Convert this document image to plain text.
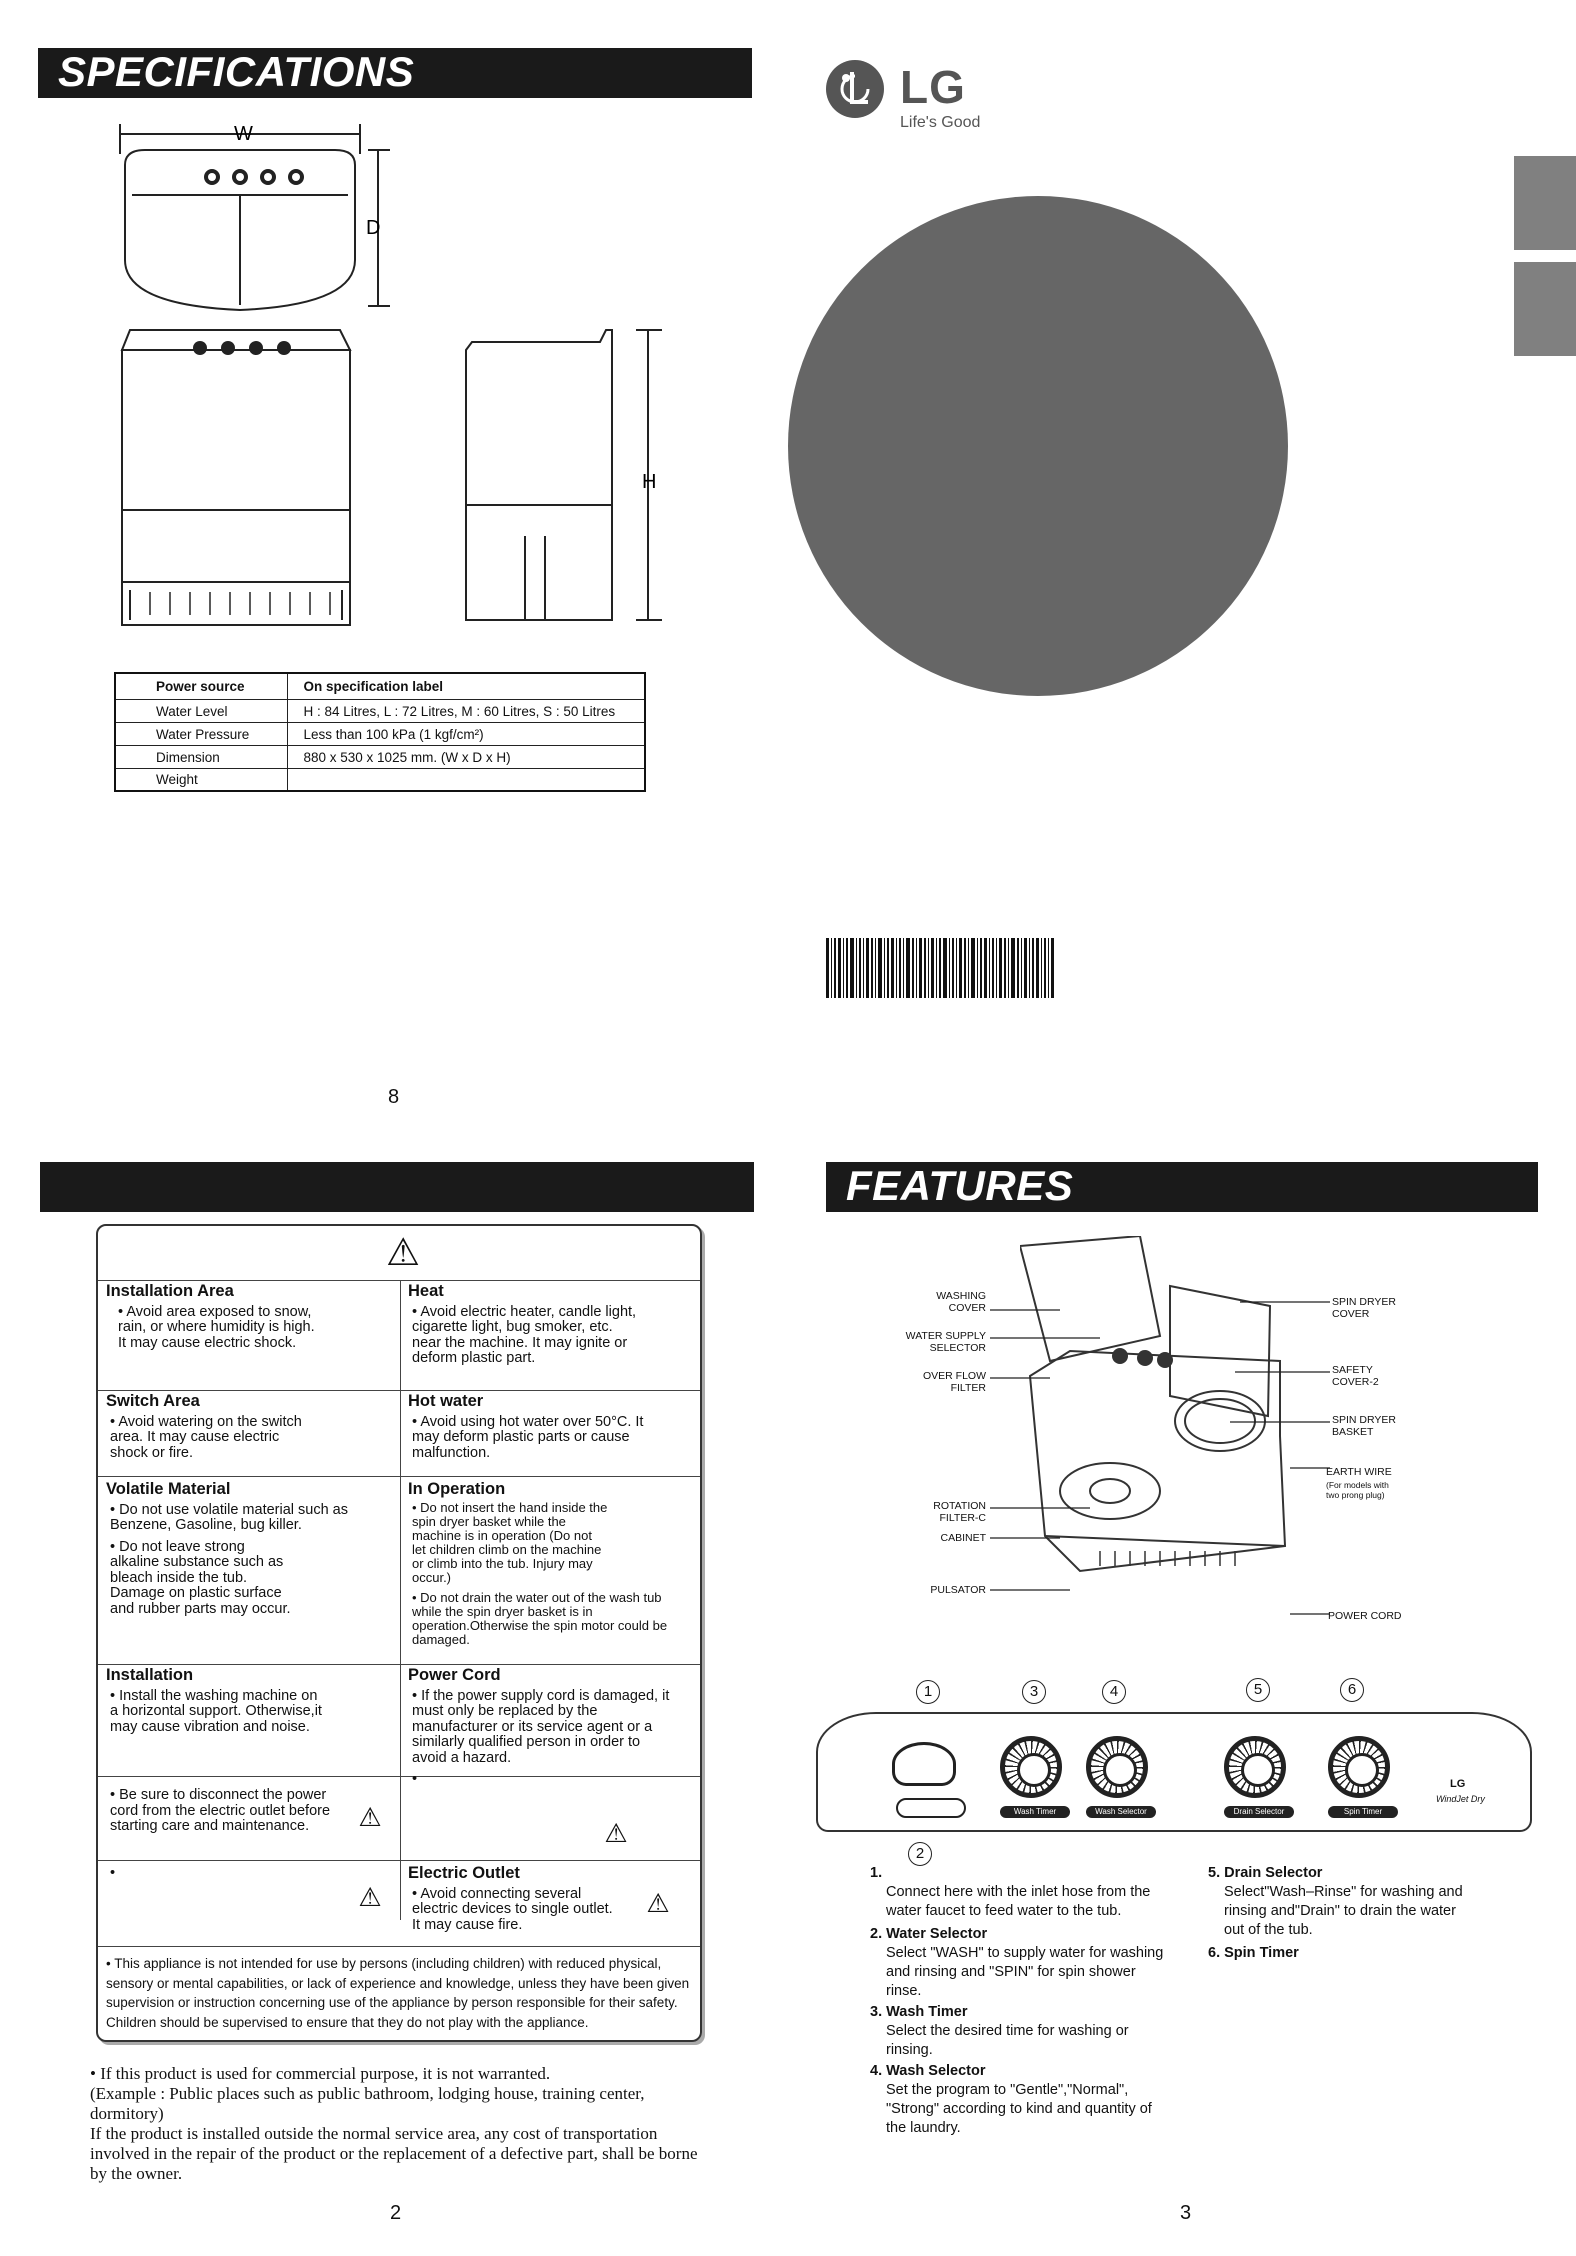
SPECIFICATIONS
W
D
H
Power source	On specification label
Water Level	H : 84 Litres, L : 72 Litres, M : 60 Litres, S : 50 Litres
Water Pressure	Less than 100 kPa (1 kgf/cm²)
Dimension	880 x 530 x 1025 mm. (W x D x H)
Weight	
8
LG
Life's Good
⚠
Installation Area

• Avoid area exposed to snow, rain, or where humidity is high. It may cause electric shock.

Heat

• Avoid electric heater, candle light, cigarette light, bug smoker, etc. near the machine. It may ignite or deform plastic part.

Switch Area

• Avoid watering on the switch area. It may cause electric shock or fire.

Hot water

• Avoid using hot water over 50°C. It may deform plastic parts or cause malfunction.

Volatile Material

• Do not use volatile material such as Benzene, Gasoline, bug killer.

• Do not leave strong alkaline substance such as bleach inside the tub. Damage on plastic surface and rubber parts may occur.

In Operation

• Do not insert the hand inside the spin dryer basket while the machine is in operation (Do not let children climb on the machine or climb into the tub. Injury may occur.)

• Do not drain the water out of the wash tub while the spin dryer basket is in operation.Otherwise the spin motor could be damaged.

Installation

• Install the washing machine on a horizontal support. Otherwise,it may cause vibration and noise.

• Be sure to disconnect the power cord from the electric outlet before starting care and maintenance.	⚠
Power Cord

• If the power supply cord is damaged, it must only be replaced by the manufacturer or its service agent or a similarly qualified person in order to avoid a hazard.

•

⚠

•

⚠
Electric Outlet

• Avoid connecting several electric devices to single outlet. It may cause fire.

⚠
• This appliance is not intended for use by persons (including children) with reduced physical, sensory or mental capabilities, or lack of experience and knowledge, unless they have been given supervision or instruction concerning use of the appliance by person responsible for their safety. Children should be supervised to ensure that they do not play with the appliance.
• If this product is used for commercial purpose, it is not warranted.
(Example : Public places such as public bathroom, lodging house, training center, dormitory)
If the product is installed outside the normal service area, any cost of transportation involved in the repair of the product or the replacement of a defective part, shall be borne by the owner.
2
FEATURES
WASHING
COVER
WATER SUPPLY
SELECTOR
OVER FLOW
FILTER
ROTATION
FILTER-C
CABINET
PULSATOR
SPIN DRYER
COVER
SAFETY
COVER-2
SPIN DRYER
BASKET
EARTH WIRE
(For models with
two prong plug)
POWER CORD
Wash Timer	Wash Selector	Drain Selector	Spin Timer
LG
WindJet Dry
1	3	4	5	6
2
1.
Connect here with the inlet hose from the water faucet to feed water to the tub.
2. Water Selector
Select "WASH" to supply water for washing and rinsing and "SPIN" for spin shower rinse.
3. Wash Timer
Select the desired time for washing or rinsing.
4. Wash Selector
Set the program to "Gentle","Normal", "Strong" according to kind and quantity of the laundry.
5. Drain Selector
Select"Wash–Rinse" for washing and rinsing and"Drain" to drain the water out of the tub.
6. Spin Timer
3
